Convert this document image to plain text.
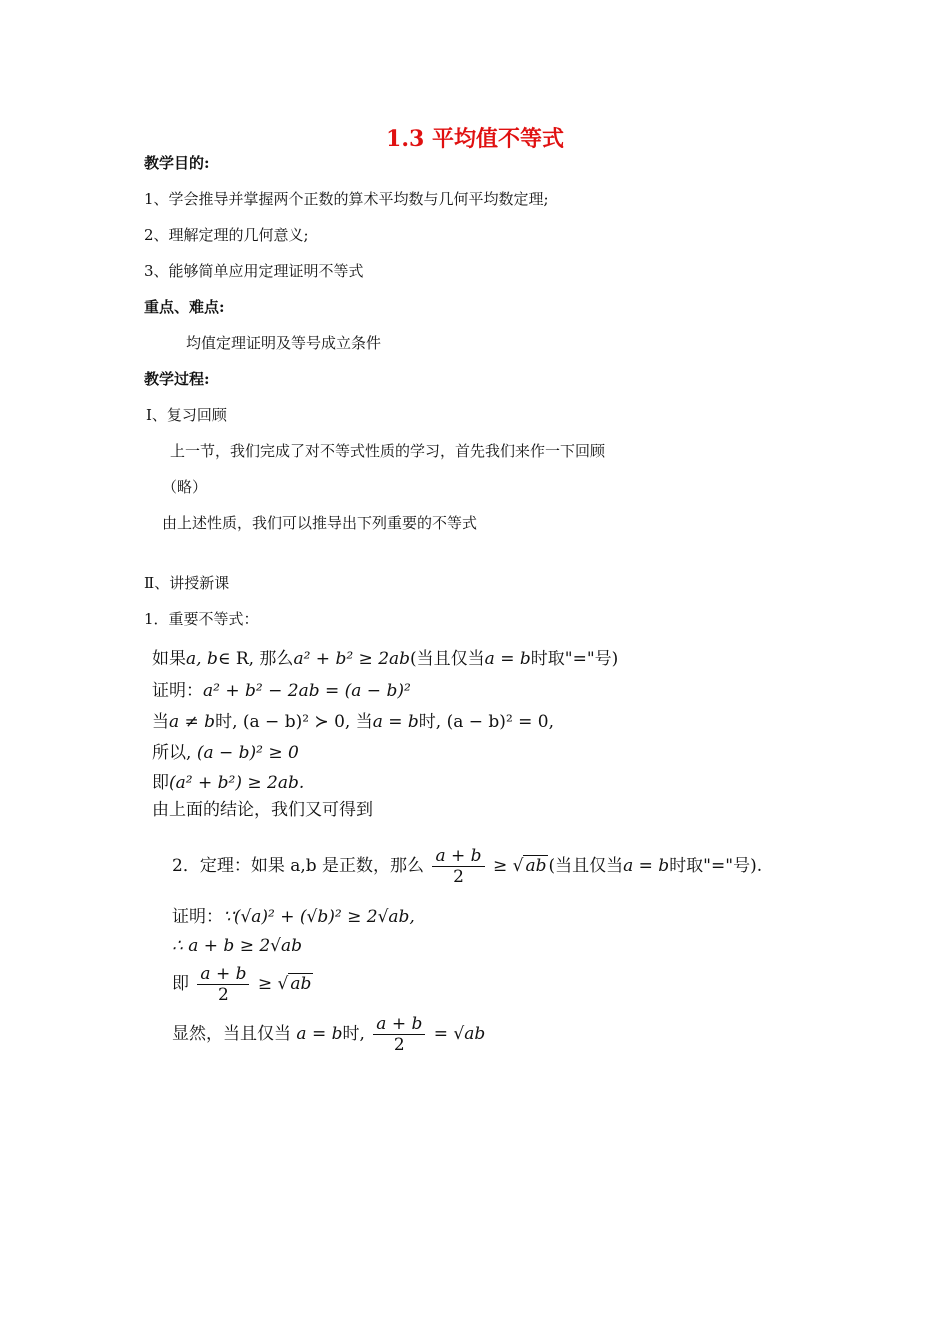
1.3 平均值不等式
教学目的:
1、学会推导并掌握两个正数的算术平均数与几何平均数定理;
2、理解定理的几何意义;
3、能够简单应用定理证明不等式
重点、难点:
均值定理证明及等号成立条件
教学过程:
Ⅰ、复习回顾
上一节，我们完成了对不等式性质的学习，首先我们来作一下回顾
（略）
由上述性质，我们可以推导出下列重要的不等式
Ⅱ、讲授新课
1．重要不等式：
如果a, b∈ R, 那么a² + b² ≥ 2ab(当且仅当a = b时取"="号)
证明：a² + b² − 2ab = (a − b)²
当a ≠ b时, (a − b)² ≻ 0, 当a = b时, (a − b)² = 0,
所以, (a − b)² ≥ 0
即(a² + b²) ≥ 2ab.
由上面的结论，我们又可得到
2．定理：如果 a,b 是正数，那么 $\frac{a + b}{2}$ ≥ √ ab (当且仅当a = b时取"="号).
证明：∵(√a)² + (√b)² ≥ 2√ab,
∴ a + b ≥ 2√ab
即 $\frac{a + b}{2}$ ≥ √ ab
显然，当且仅当 a = b时, $\frac{a + b}{2} = √ab$
